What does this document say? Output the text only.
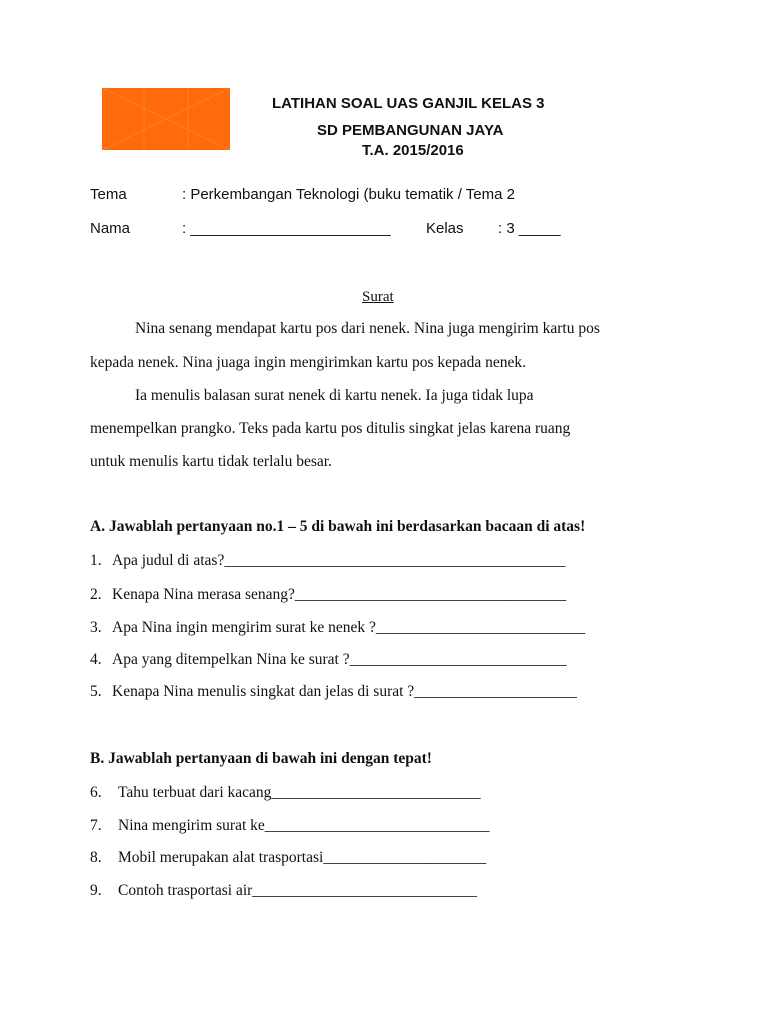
LATIHAN SOAL UAS GANJIL KELAS 3
SD PEMBANGUNAN JAYA
T.A. 2015/2016
Tema	: Perkembangan Teknologi (buku tematik / Tema 2
Nama	: ________________________ Kelas : 3 _____
Surat
Nina senang mendapat kartu pos dari nenek. Nina juga mengirim kartu pos
kepada nenek. Nina juaga ingin mengirimkan kartu pos kepada nenek.
Ia menulis balasan surat nenek di kartu nenek. Ia juga tidak lupa
menempelkan prangko. Teks pada kartu pos ditulis singkat jelas karena ruang
untuk menulis kartu tidak terlalu besar.
A. Jawablah pertanyaan no.1 – 5 di bawah ini berdasarkan bacaan di atas!
1. Apa judul di atas?____________________________________________
2. Kenapa Nina merasa senang?___________________________________
3. Apa Nina ingin mengirim surat ke nenek ?___________________________
4. Apa yang ditempelkan Nina ke surat ?____________________________
5. Kenapa Nina menulis singkat dan jelas di surat ?_____________________
B. Jawablah pertanyaan di bawah ini dengan tepat!
6. Tahu terbuat dari kacang___________________________
7. Nina mengirim surat ke_____________________________
8. Mobil merupakan alat trasportasi_____________________
9. Contoh trasportasi air_____________________________
